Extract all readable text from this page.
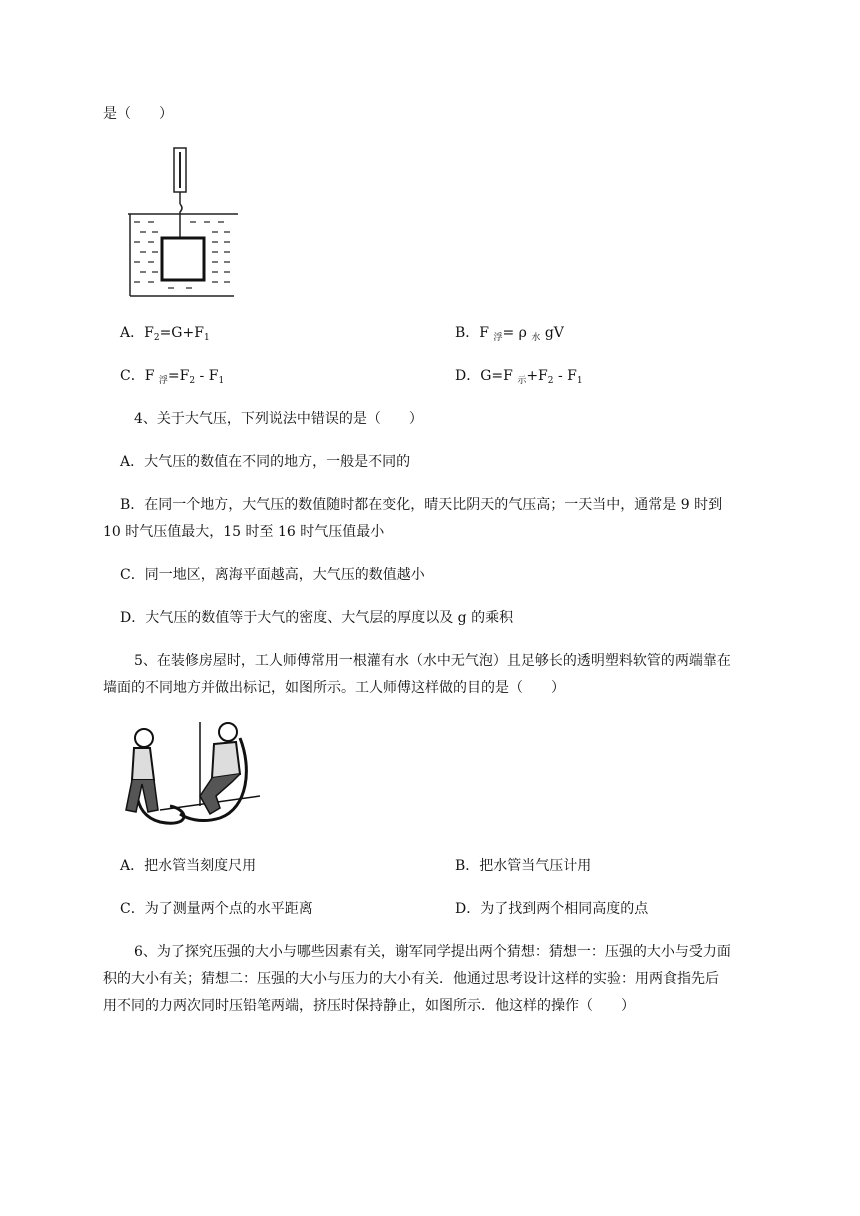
是（　　）
A．$F_2=G+F_1$	B．F $_浮$= ρ $_水$ gV
C．F $_浮=F_2 - F_1$	D．G=F $_示+F_2 - F_1$
4、关于大气压，下列说法中错误的是（　　）
A．大气压的数值在不同的地方，一般是不同的
B．在同一个地方，大气压的数值随时都在变化，晴天比阴天的气压高；一天当中，通常是 9 时到
10 时气压值最大，15 时至 16 时气压值最小
C．同一地区，离海平面越高，大气压的数值越小
D．大气压的数值等于大气的密度、大气层的厚度以及 g 的乘积
5、在装修房屋时，工人师傅常用一根灌有水（水中无气泡）且足够长的透明塑料软管的两端靠在
墙面的不同地方并做出标记，如图所示。工人师傅这样做的目的是（　　）
A．把水管当刻度尺用	B．把水管当气压计用
C．为了测量两个点的水平距离	D．为了找到两个相同高度的点
6、为了探究压强的大小与哪些因素有关，谢军同学提出两个猜想：猜想一：压强的大小与受力面
积的大小有关；猜想二：压强的大小与压力的大小有关．他通过思考设计这样的实验：用两食指先后
用不同的力两次同时压铅笔两端，挤压时保持静止，如图所示．他这样的操作（　　）
